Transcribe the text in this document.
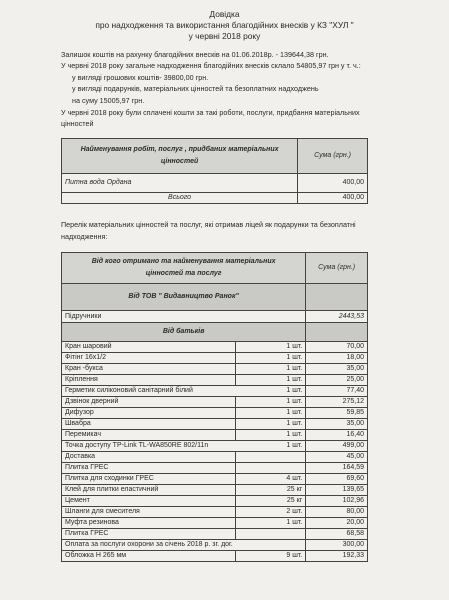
Довідка
про надходження та використання благодійних внесків у КЗ "ХУЛ "
у червні 2018 року
Залишок коштів на рахунку благодійних внесків на 01.06.2018р. - 139644,38 грн.
У червні 2018 року загальне надходження благодійних внесків склало 54805,97 грн у т. ч.:
у вигляді грошових коштів- 39800,00 грн.
у вигляді подарунків, матеріальних цінностей та безоплатних надходжень
на суму 15005,97 грн.
У червні 2018 року були сплачені кошти за такі роботи, послуги, придбання матеріальних
цінностей
Найменування робіт, послуг , придбаних матеріальних
цінностей	Сума (грн.)
Питна вода Ордана	400,00
Всього	400,00
Перелік матеріальних цінностей та послуг, які отримав ліцей як подарунки та безоплатні
надходження:
Від кого отримано та найменування матеріальних
цінностей та послуг		Сума (грн.)
Від ТОВ " Видавництво Ранок"		
Підручники		2443,53
Від батьків		
Кран шаровий	1 шт.	70,00
Фітінг 16х1/2	1 шт.	18,00
Кран -букса	1 шт.	35,00
Кріплення	1 шт.	25,00
Герметик силіконовий санітарний білий	1 шт.	77,40
Дзвінок дверний	1 шт.	275,12
Дифузор	1 шт.	59,85
Швабра	1 шт.	35,00
Перемикач	1 шт.	16,40
Точка доступу TP-Link TL-WA850RE 802/11n	1 шт.	499,00
Доставка		45,00
Плитка ГРЕС		164,59
Плитка для сходинки ГРЕС	4 шт.	69,60
Клей для плитки еластичний	25 кг	139,65
Цемент	25 кг	102,96
Шланги для смесителя	2 шт.	80,00
Муфта резинова	1 шт.	20,00
Плитка ГРЕС		68,58
Оплата за послуги охорони за січень 2018 р. зг. дог.		300,00
Обложка Н 265 мм	9 шт.	192,33
